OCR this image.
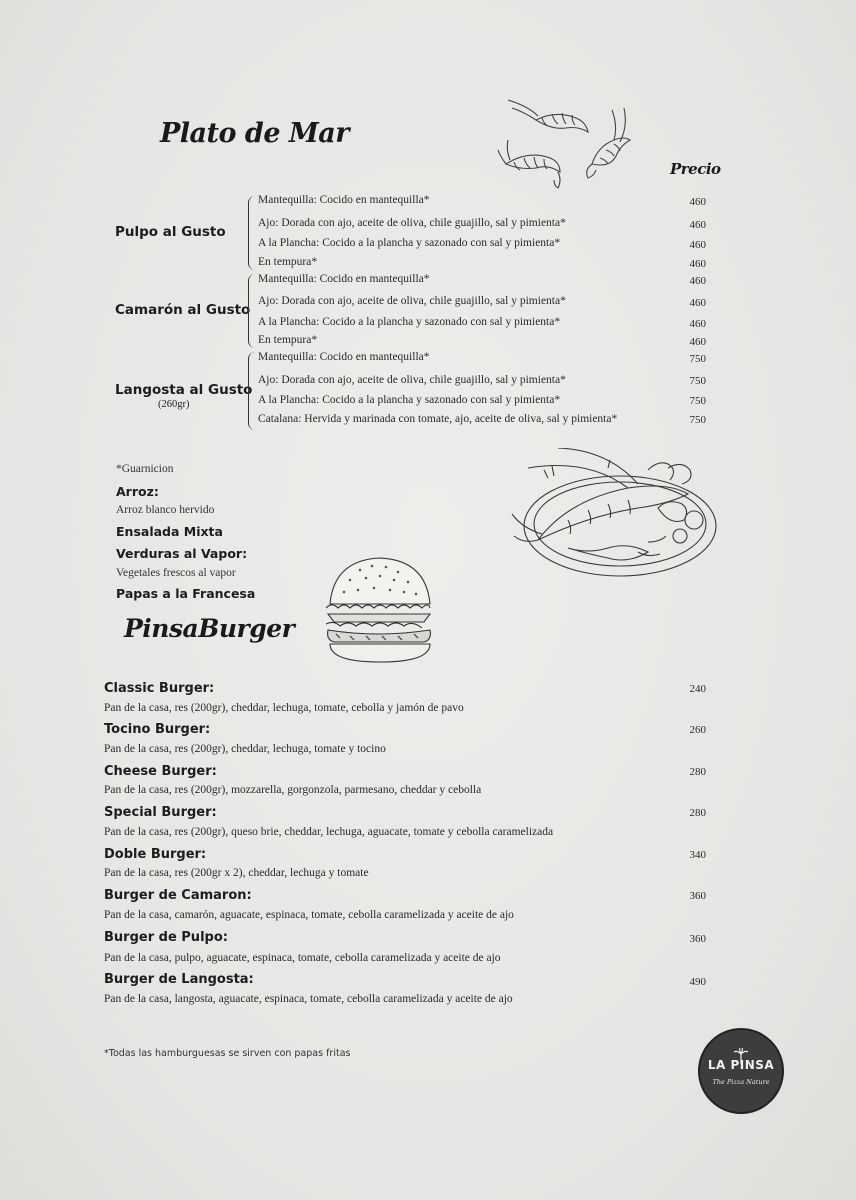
Plato de Mar
Precio
Pulpo al Gusto
Mantequilla: Cocido en mantequilla*	460
Ajo: Dorada con ajo, aceite de oliva, chile guajillo, sal y pimienta*	460
A la Plancha: Cocido a la plancha y sazonado con sal y pimienta*	460
En tempura*	460
Camarón al Gusto
Mantequilla: Cocido en mantequilla*	460
Ajo: Dorada con ajo, aceite de oliva, chile guajillo, sal y pimienta*	460
A la Plancha: Cocido a la plancha y sazonado con sal y pimienta*	460
En tempura*	460
Langosta al Gusto
(260gr)
Mantequilla: Cocido en mantequilla*	750
Ajo: Dorada con ajo, aceite de oliva, chile guajillo, sal y pimienta*	750
A la Plancha: Cocido a la plancha y sazonado con sal y pimienta*	750
Catalana: Hervida y marinada con tomate, ajo, aceite de oliva, sal y pimienta*	750
*Guarnicion
Arroz:
Arroz blanco hervido
Ensalada Mixta
Verduras al Vapor:
Vegetales frescos al vapor
Papas a la Francesa
PinsaBurger
Classic Burger:	240
Pan de la casa, res (200gr), cheddar, lechuga, tomate, cebolla y jamón de pavo
Tocino Burger:	260
Pan de la casa, res (200gr), cheddar, lechuga, tomate y tocino
Cheese Burger:	280
Pan de la casa, res (200gr), mozzarella, gorgonzola, parmesano, cheddar y cebolla
Special Burger:	280
Pan de la casa, res (200gr), queso brie, cheddar, lechuga, aguacate, tomate y cebolla caramelizada
Doble Burger:	340
Pan de la casa, res (200gr x 2), cheddar, lechuga y tomate
Burger de Camaron:	360
Pan de la casa, camarón, aguacate, espinaca, tomate, cebolla caramelizada y aceite de ajo
Burger de Pulpo:	360
Pan de la casa, pulpo, aguacate, espinaca, tomate, cebolla caramelizada y aceite de ajo
Burger de Langosta:	490
Pan de la casa, langosta, aguacate, espinaca, tomate, cebolla caramelizada y aceite de ajo
*Todas las hamburguesas se sirven con papas fritas
LA PINSA
The Pizza Nature
